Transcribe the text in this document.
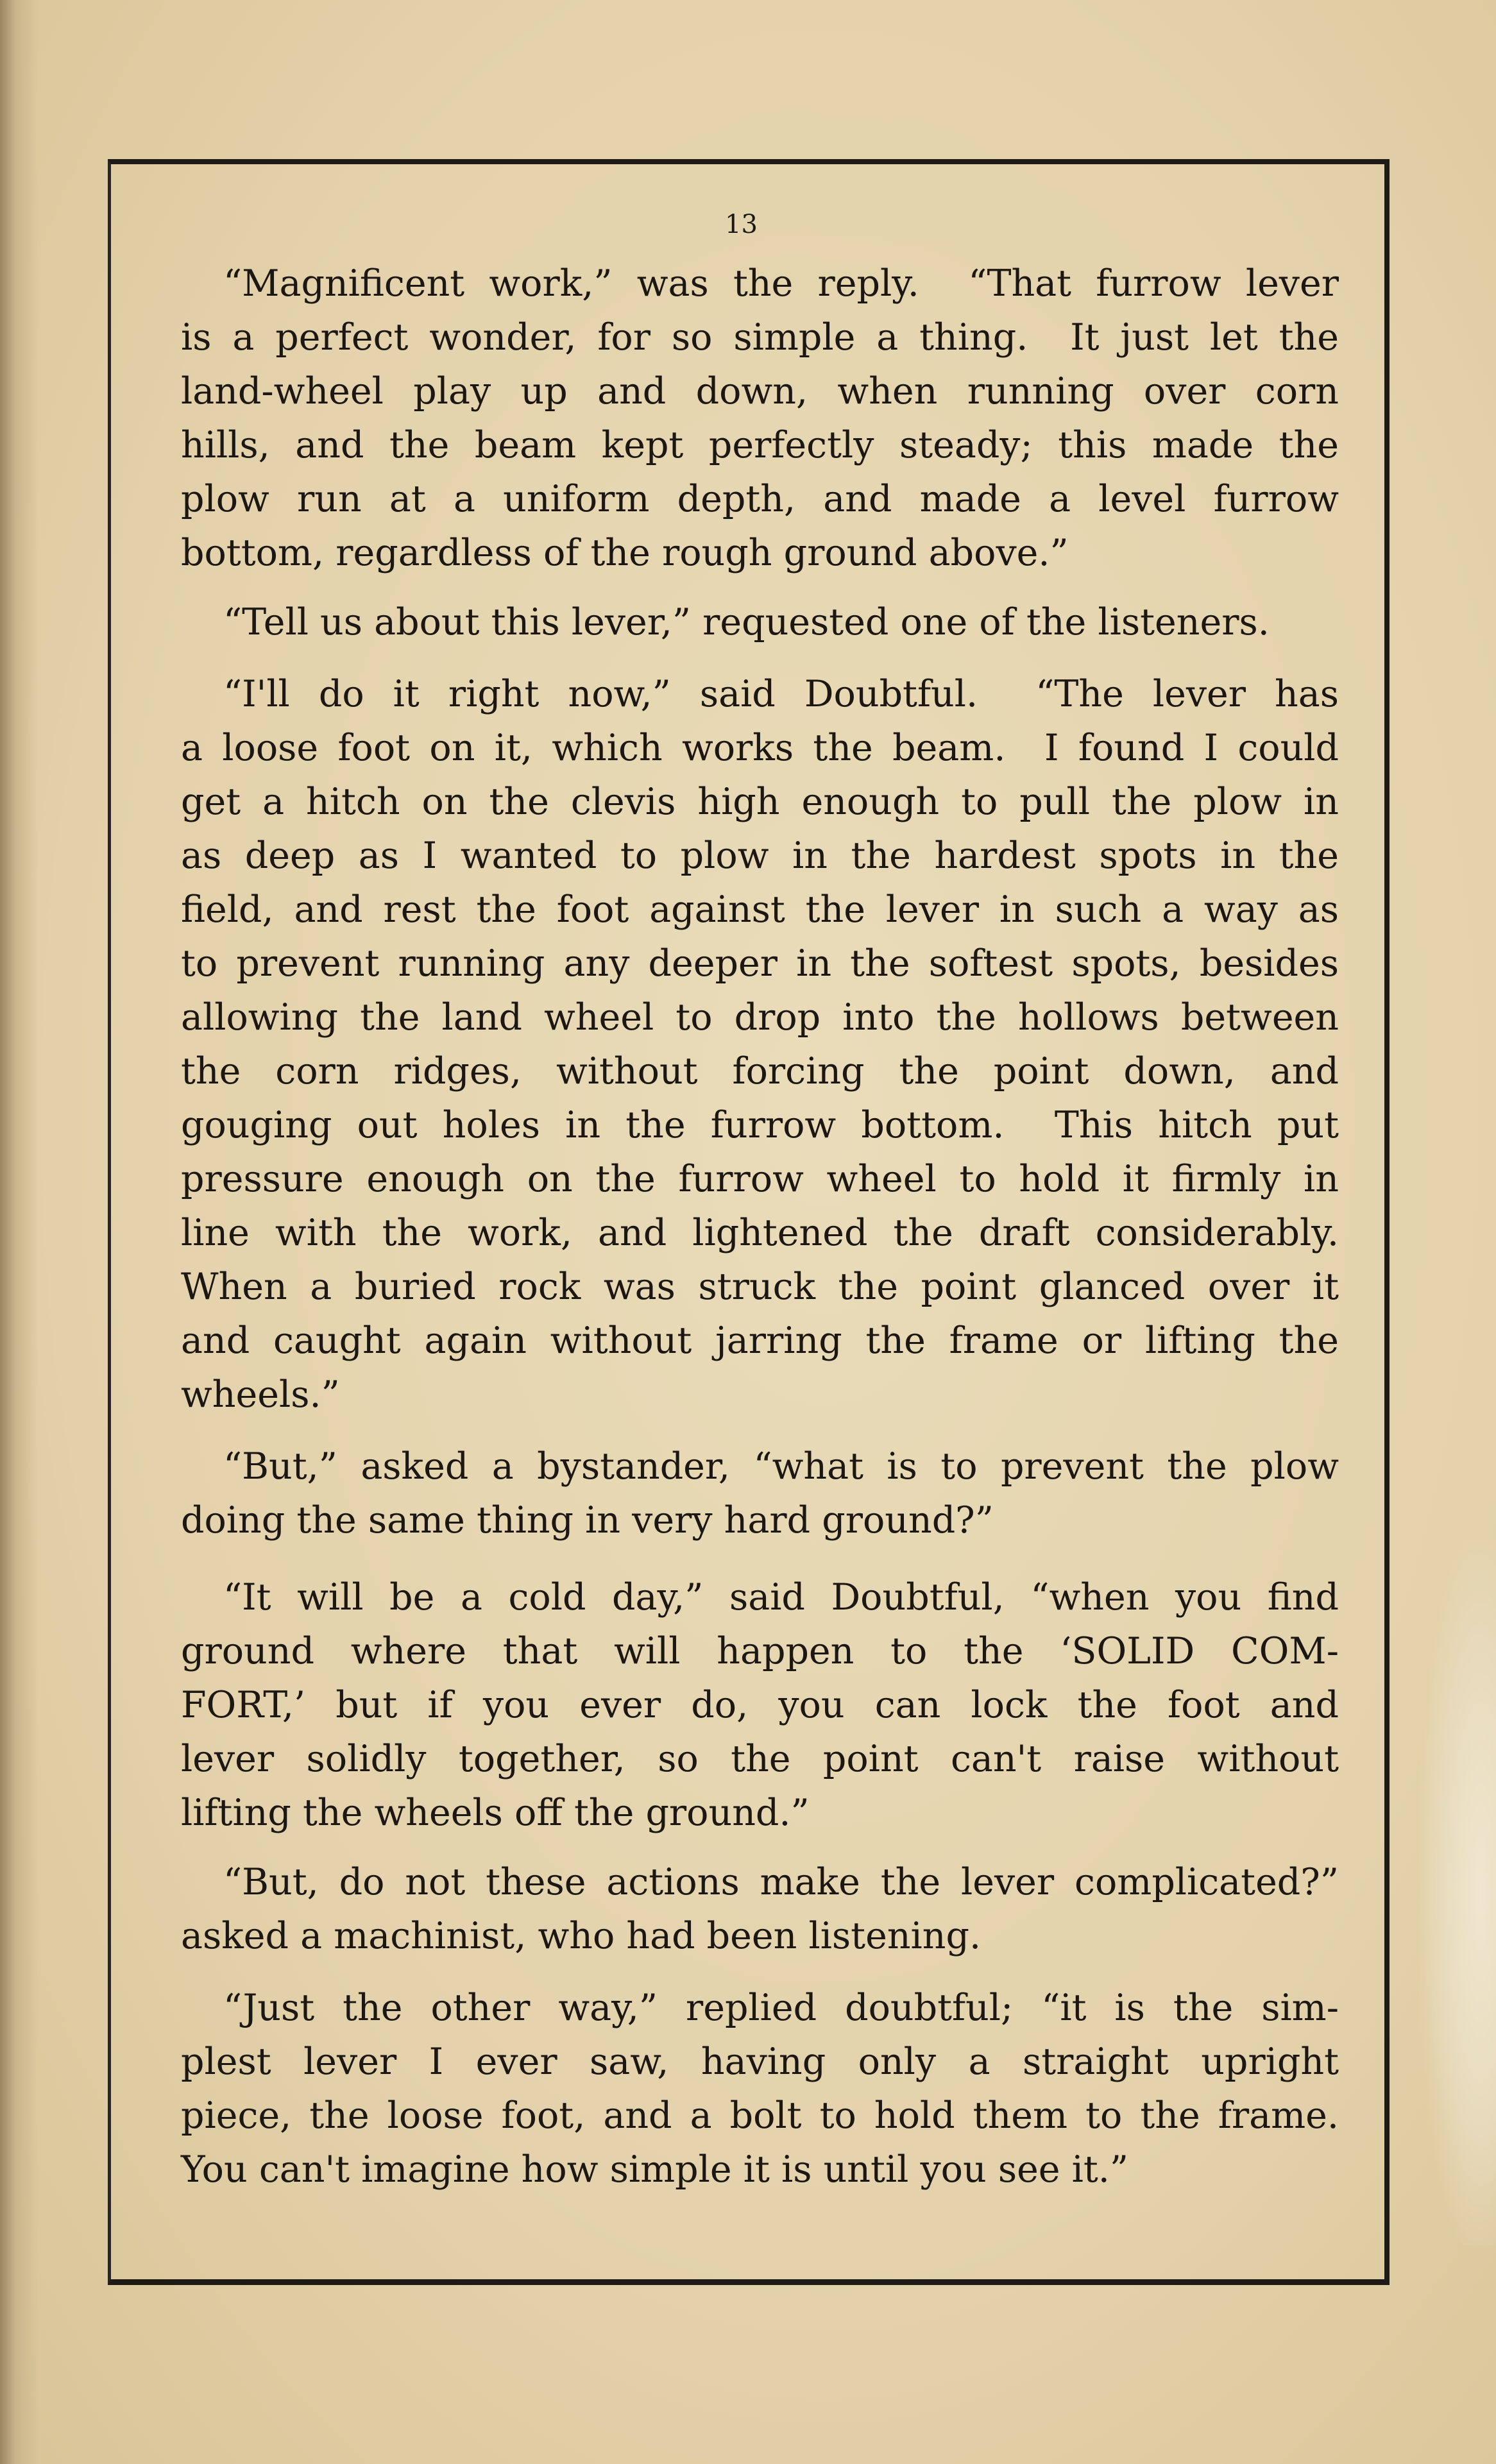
13
“Magnificent work,” was the reply.  “That furrow lever
is a perfect wonder, for so simple a thing.  It just let the
land-wheel play up and down, when running over corn
hills, and the beam kept perfectly steady; this made the
plow run at a uniform depth, and made a level furrow
bottom, regardless of the rough ground above.”
“Tell us about this lever,” requested one of the listeners.
“I'll do it right now,” said Doubtful.  “The lever has
a loose foot on it, which works the beam.  I found I could
get a hitch on the clevis high enough to pull the plow in
as deep as I wanted to plow in the hardest spots in the
field, and rest the foot against the lever in such a way as
to prevent running any deeper in the softest spots, besides
allowing the land wheel to drop into the hollows between
the corn ridges, without forcing the point down, and
gouging out holes in the furrow bottom.  This hitch put
pressure enough on the furrow wheel to hold it firmly in
line with the work, and lightened the draft considerably.
When a buried rock was struck the point glanced over it
and caught again without jarring the frame or lifting the
wheels.”
“But,” asked a bystander, “what is to prevent the plow
doing the same thing in very hard ground?”
“It will be a cold day,” said Doubtful, “when you find
ground where that will happen to the ‘SOLID COM-
FORT,’ but if you ever do, you can lock the foot and
lever solidly together, so the point can't raise without
lifting the wheels off the ground.”
“But, do not these actions make the lever complicated?”
asked a machinist, who had been listening.
“Just the other way,” replied doubtful; “it is the sim-
plest lever I ever saw, having only a straight upright
piece, the loose foot, and a bolt to hold them to the frame.
You can't imagine how simple it is until you see it.”
